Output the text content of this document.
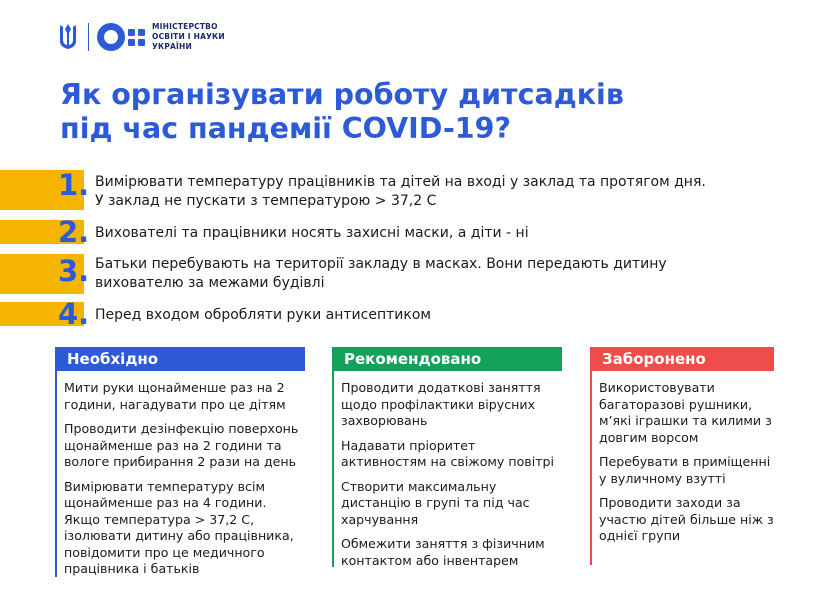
МІНІСТЕРСТВО
ОСВІТИ І НАУКИ
УКРАЇНИ
Як організувати роботу дитсадків
під час пандемії COVID-19?
1. Вимірювати температуру працівників та дітей на вході у заклад та протягом дня.
У заклад не пускати з температурою > 37,2 С
2. Вихователі та працівники носять захисні маски, а діти - ні
3. Батьки перебувають на території закладу в масках. Вони передають дитину
вихователю за межами будівлі
4. Перед входом обробляти руки антисептиком
Необхідно
Мити руки щонайменше раз на 2 години, нагадувати про це дітям
Проводити дезінфекцію поверхонь щонайменше раз на 2 години та вологе прибирання 2 рази на день
Вимірювати температуру всім щонайменше раз на 4 години. Якщо температура > 37,2 С, ізолювати дитину або працівника, повідомити про це медичного працівника і батьків
Рекомендовано
Проводити додаткові заняття щодо профілактики вірусних захворювань
Надавати пріоритет активностям на свіжому повітрі
Створити максимальну дистанцію в групі та під час харчування
Обмежити заняття з фізичним контактом або інвентарем
Заборонено
Використовувати багаторазові рушники, м’які іграшки та килими з довгим ворсом
Перебувати в приміщенні у вуличному взутті
Проводити заходи за участю дітей більше ніж з однієї групи
